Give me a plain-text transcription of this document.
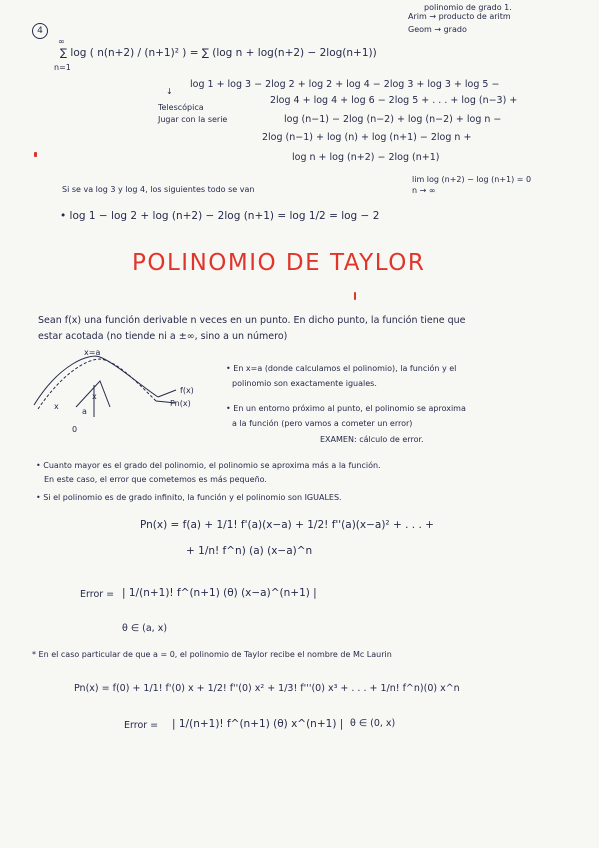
polinomio de grado 1.
Arim → producto de aritm
Geom → grado
4
∞
n=1
∑ log ( n(n+2) / (n+1)² ) = ∑ (log n + log(n+2) − 2log(n+1))
log 1 + log 3 − 2log 2 + log 2 + log 4 − 2log 3 + log 3 + log 5 −
2log 4 + log 4 + log 6 − 2log 5 + . . . + log (n−3) +
log (n−1) − 2log (n−2) + log (n−2) + log n −
2log (n−1) + log (n) + log (n+1) − 2log n +
log n + log (n+2) − 2log (n+1)
↓
Telescópica
Jugar con la serie
Si se va log 3 y log 4, los siguientes todo se van
lim log (n+2) − log (n+1) = 0
n → ∞
• log 1 − log 2 + log (n+2) − 2log (n+1) = log 1/2 = log − 2
POLINOMIO DE TAYLOR
Sean f(x) una función derivable n veces en un punto. En dicho punto, la función tiene que
estar acotada (no tiende ni a ±∞, sino a un número)
x=a
f(x)
Pn(x)
x
x
a
0
• En x=a (donde calculamos el polinomio), la función y el
polinomio son exactamente iguales.
• En un entorno próximo al punto, el polinomio se aproxima
a la función (pero vamos a cometer un error)
EXAMEN: cálculo de error.
• Cuanto mayor es el grado del polinomio, el polinomio se aproxima más a la función.
En este caso, el error que cometemos es más pequeño.
• Si el polinomio es de grado infinito, la función y el polinomio son IGUALES.
Pn(x) = f(a) + 1/1! f'(a)(x−a) + 1/2! f''(a)(x−a)² + . . . +
+ 1/n! f^n) (a) (x−a)^n
Error = | 1/(n+1)! f^(n+1) (θ) (x−a)^(n+1) |
θ ∈ (a, x)
* En el caso particular de que a = 0, el polinomio de Taylor recibe el nombre de Mc Laurin
Pn(x) = f(0) + 1/1! f'(0) x + 1/2! f''(0) x² + 1/3! f'''(0) x³ + . . . + 1/n! f^n)(0) x^n
Error = | 1/(n+1)! f^(n+1) (θ) x^(n+1) | θ ∈ (0, x)
